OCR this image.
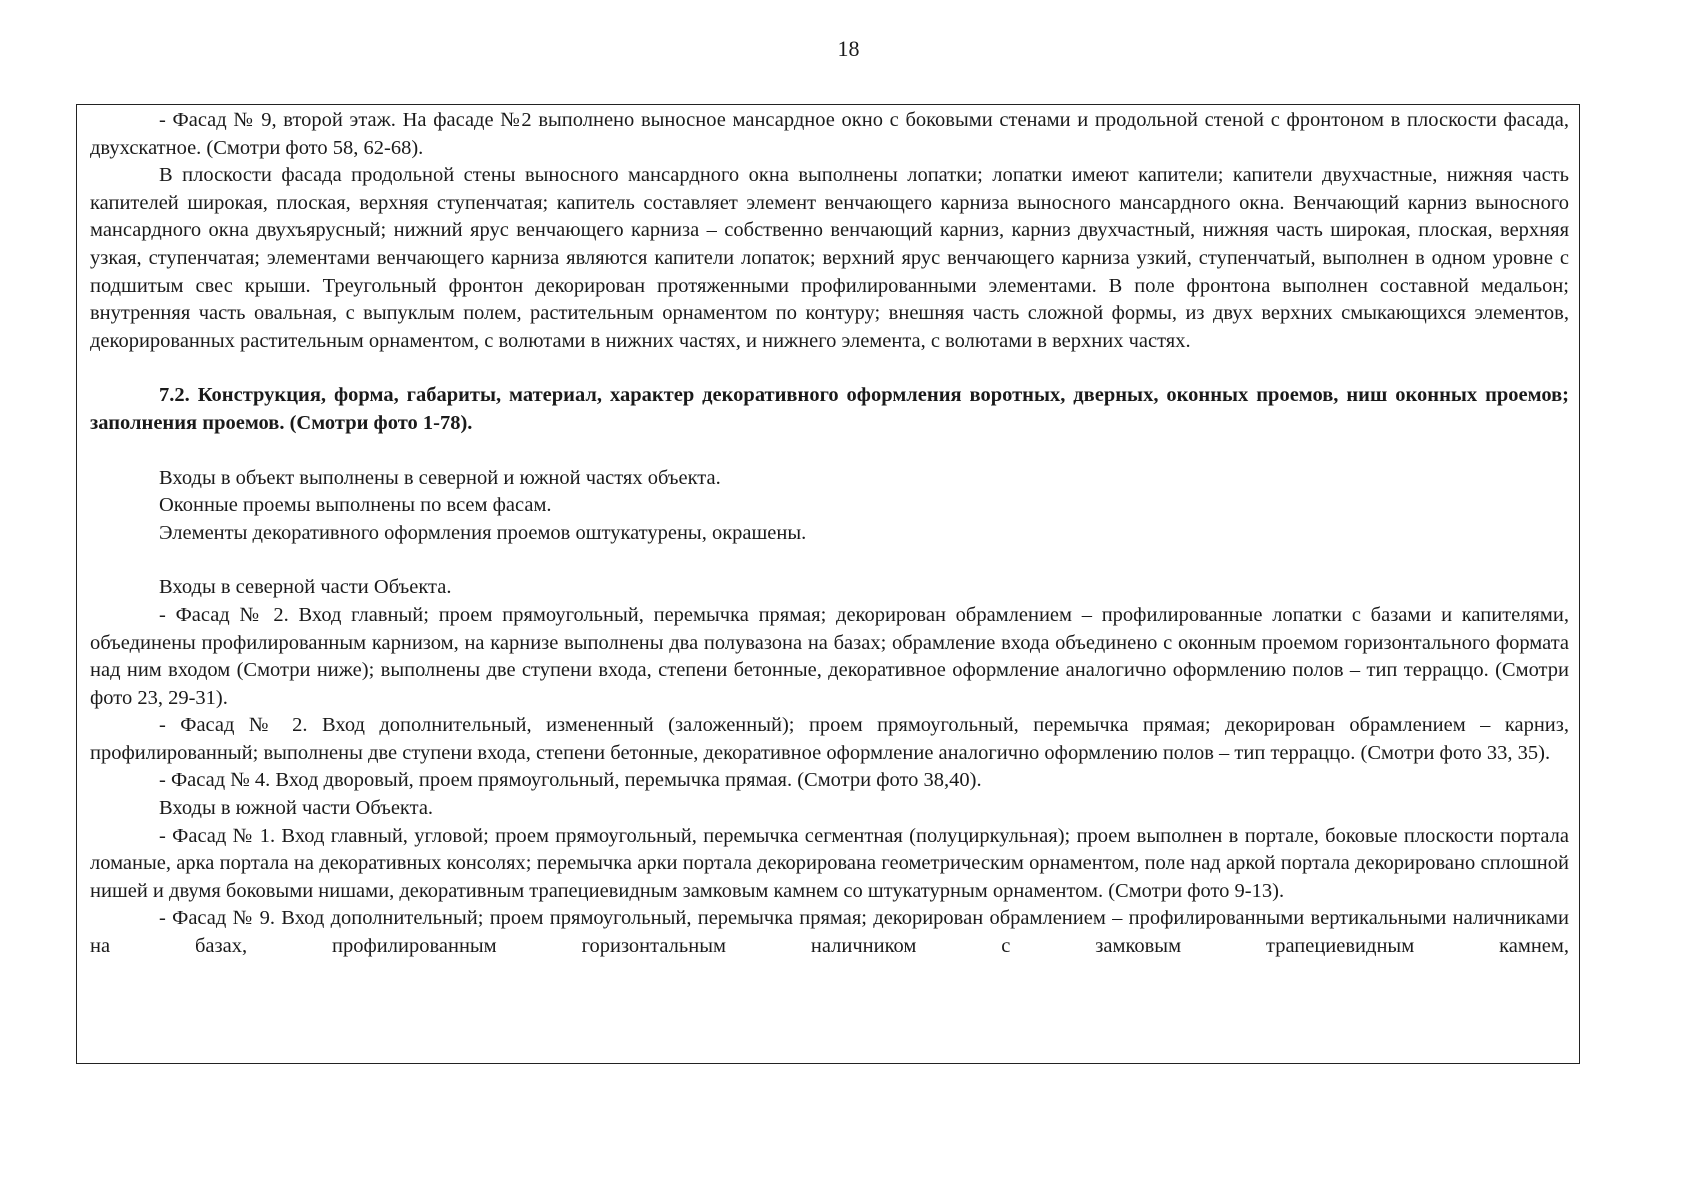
18

- Фасад № 9, второй этаж. На фасаде №2 выполнено выносное мансардное окно с боковыми стенами и продольной стеной с фронтоном в плоскости фасада, двухскатное. (Смотри фото 58, 62-68).

В плоскости фасада продольной стены выносного мансардного окна выполнены лопатки; лопатки имеют капители; капители двухчастные, нижняя часть капителей широкая, плоская, верхняя ступенчатая; капитель составляет элемент венчающего карниза выносного мансардного окна. Венчающий карниз выносного мансардного окна двухъярусный; нижний ярус венчающего карниза – собственно венчающий карниз, карниз двухчастный, нижняя часть широкая, плоская, верхняя узкая, ступенчатая; элементами венчающего карниза являются капители лопаток; верхний ярус венчающего карниза узкий, ступенчатый, выполнен в одном уровне с подшитым свес крыши. Треугольный фронтон декорирован протяженными профилированными элементами. В поле фронтона выполнен составной медальон; внутренняя часть овальная, с выпуклым полем, растительным орнаментом по контуру; внешняя часть сложной формы, из двух верхних смыкающихся элементов, декорированных растительным орнаментом, с волютами в нижних частях, и нижнего элемента, с волютами в верхних частях.

7.2. Конструкция, форма, габариты, материал, характер декоративного оформления воротных, дверных, оконных проемов, ниш оконных проемов; заполнения проемов. (Смотри фото 1-78).

Входы в объект выполнены в северной и южной частях объекта.

Оконные проемы выполнены по всем фасам.

Элементы декоративного оформления проемов оштукатурены, окрашены.

Входы в северной части Объекта.

- Фасад № 2. Вход главный; проем прямоугольный, перемычка прямая; декорирован обрамлением – профилированные лопатки с базами и капителями, объединены профилированным карнизом, на карнизе выполнены два полувазона на базах; обрамление входа объединено с оконным проемом горизонтального формата над ним входом (Смотри ниже); выполнены две ступени входа, степени бетонные, декоративное оформление аналогично оформлению полов – тип терраццо. (Смотри фото 23, 29-31).

- Фасад № 2. Вход дополнительный, измененный (заложенный); проем прямоугольный, перемычка прямая; декорирован обрамлением – карниз, профилированный; выполнены две ступени входа, степени бетонные, декоративное оформление аналогично оформлению полов – тип терраццо. (Смотри фото 33, 35).

- Фасад № 4. Вход дворовый, проем прямоугольный, перемычка прямая. (Смотри фото 38,40).

Входы в южной части Объекта.

- Фасад № 1. Вход главный, угловой; проем прямоугольный, перемычка сегментная (полуциркульная); проем выполнен в портале, боковые плоскости портала ломаные, арка портала на декоративных консолях; перемычка арки портала декорирована геометрическим орнаментом, поле над аркой портала декорировано сплошной нишей и двумя боковыми нишами, декоративным трапециевидным замковым камнем со штукатурным орнаментом. (Смотри фото 9-13).

- Фасад № 9. Вход дополнительный; проем прямоугольный, перемычка прямая; декорирован обрамлением – профилированными вертикальными наличниками на базах, профилированным горизонтальным наличником с замковым трапециевидным камнем,
